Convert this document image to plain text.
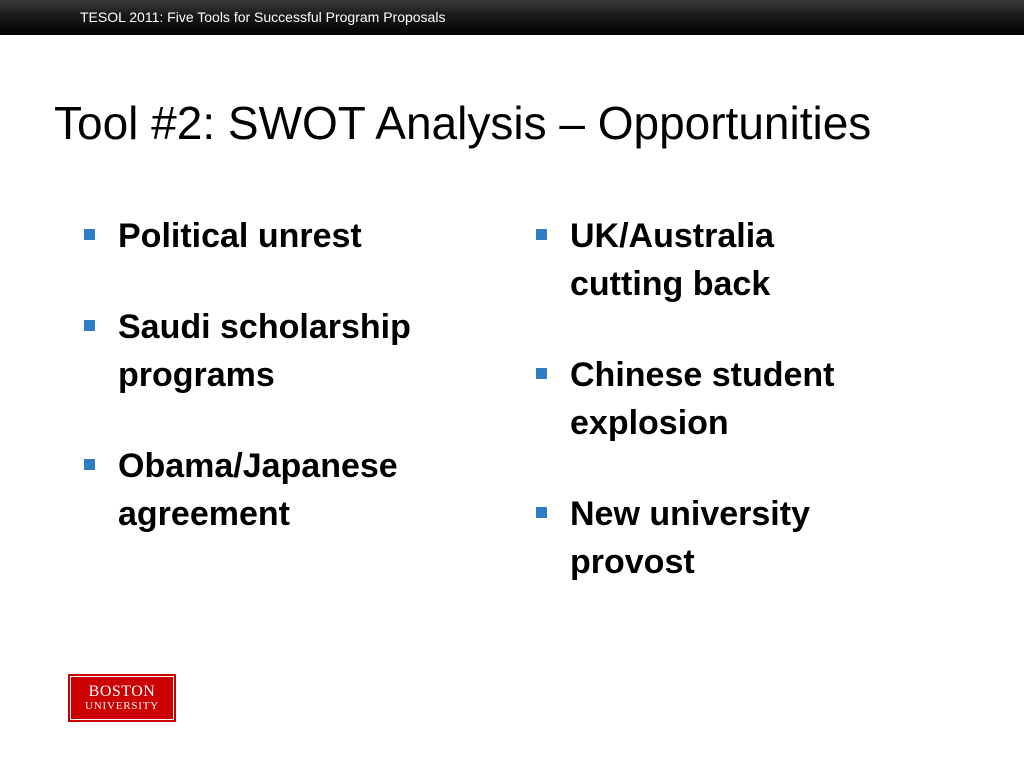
TESOL 2011: Five Tools for Successful Program Proposals
Tool #2: SWOT Analysis – Opportunities
Political unrest
Saudi scholarship programs
Obama/Japanese agreement
UK/Australia cutting back
Chinese student explosion
New university provost
BOSTON
UNIVERSITY
